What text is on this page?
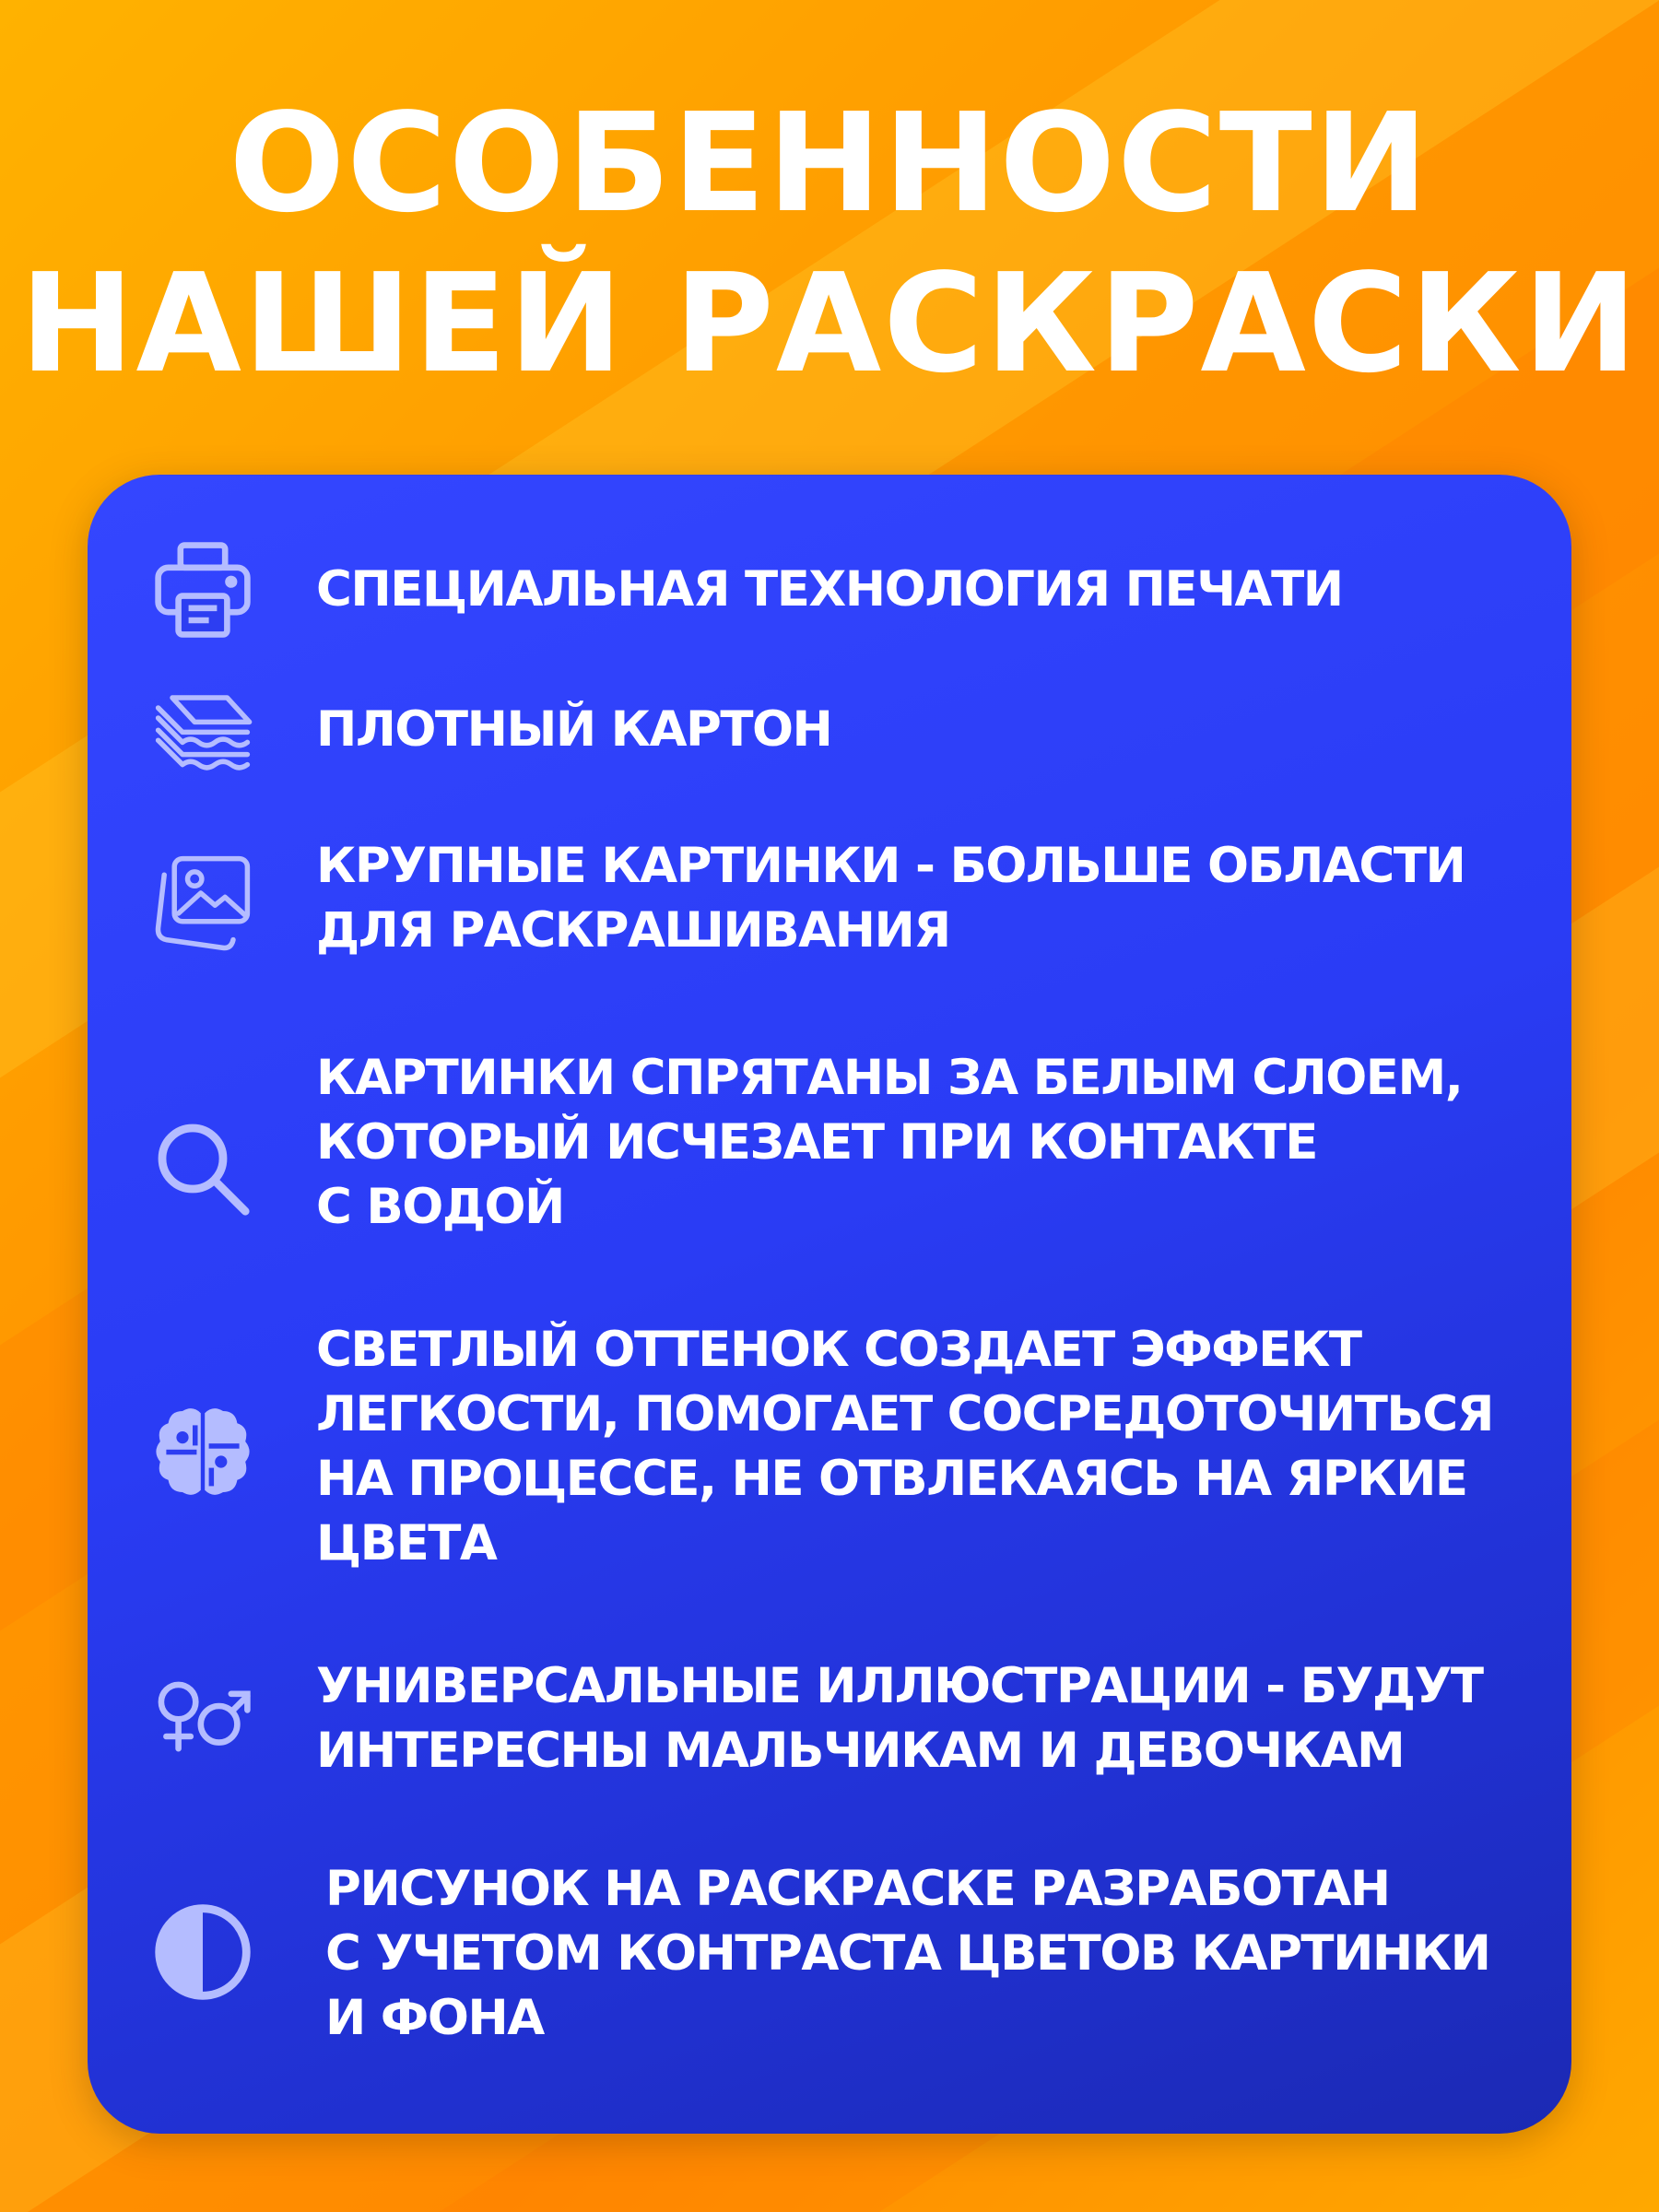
ОСОБЕННОСТИ
НАШЕЙ РАСКРАСКИ
СПЕЦИАЛЬНАЯ ТЕХНОЛОГИЯ ПЕЧАТИ
ПЛОТНЫЙ КАРТОН
КРУПНЫЕ КАРТИНКИ - БОЛЬШЕ ОБЛАСТИ
ДЛЯ РАСКРАШИВАНИЯ
КАРТИНКИ СПРЯТАНЫ ЗА БЕЛЫМ СЛОЕМ,
КОТОРЫЙ ИСЧЕЗАЕТ ПРИ КОНТАКТЕ
С ВОДОЙ
СВЕТЛЫЙ ОТТЕНОК СОЗДАЕТ ЭФФЕКТ
ЛЕГКОСТИ, ПОМОГАЕТ СОСРЕДОТОЧИТЬСЯ
НА ПРОЦЕССЕ, НЕ ОТВЛЕКАЯСЬ НА ЯРКИЕ
ЦВЕТА
УНИВЕРСАЛЬНЫЕ ИЛЛЮСТРАЦИИ - БУДУТ
ИНТЕРЕСНЫ МАЛЬЧИКАМ И ДЕВОЧКАМ
РИСУНОК НА РАСКРАСКЕ РАЗРАБОТАН
С УЧЕТОМ КОНТРАСТА ЦВЕТОВ КАРТИНКИ
И ФОНА
